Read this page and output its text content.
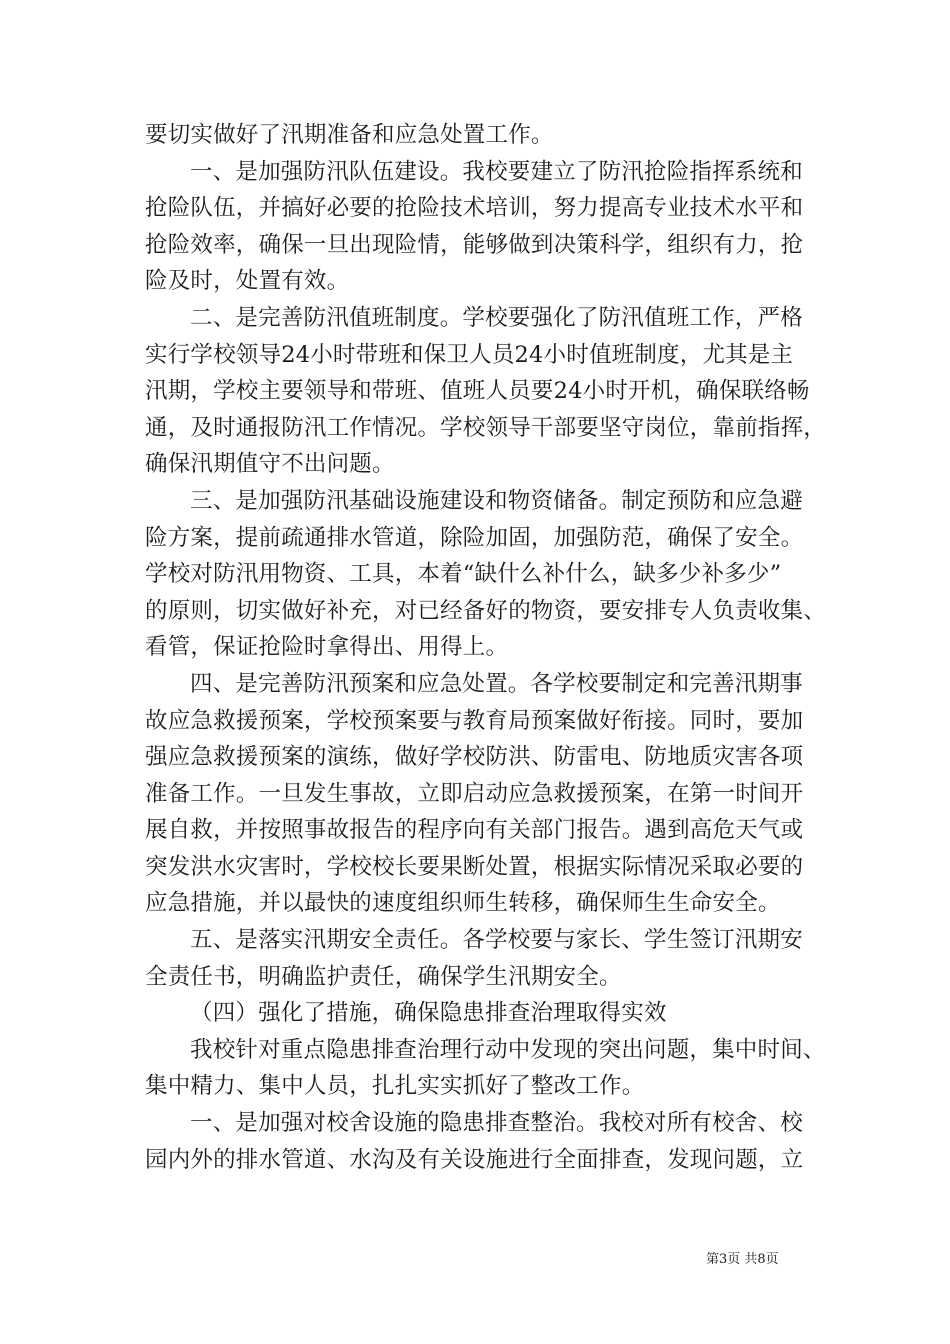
要切实做好了汛期准备和应急处置工作。
一、是加强防汛队伍建设。我校要建立了防汛抢险指挥系统和
抢险队伍，并搞好必要的抢险技术培训，努力提高专业技术水平和
抢险效率，确保一旦出现险情，能够做到决策科学，组织有力，抢
险及时，处置有效。
二、是完善防汛值班制度。学校要强化了防汛值班工作，严格
实行学校领导24小时带班和保卫人员24小时值班制度，尤其是主
汛期，学校主要领导和带班、值班人员要24小时开机，确保联络畅
通，及时通报防汛工作情况。学校领导干部要坚守岗位，靠前指挥，
确保汛期值守不出问题。
三、是加强防汛基础设施建设和物资储备。制定预防和应急避
险方案，提前疏通排水管道，除险加固，加强防范，确保了安全。
学校对防汛用物资、工具，本着“缺什么补什么，缺多少补多少”
的原则，切实做好补充，对已经备好的物资，要安排专人负责收集、
看管，保证抢险时拿得出、用得上。
四、是完善防汛预案和应急处置。各学校要制定和完善汛期事
故应急救援预案，学校预案要与教育局预案做好衔接。同时，要加
强应急救援预案的演练，做好学校防洪、防雷电、防地质灾害各项
准备工作。一旦发生事故，立即启动应急救援预案，在第一时间开
展自救，并按照事故报告的程序向有关部门报告。遇到高危天气或
突发洪水灾害时，学校校长要果断处置，根据实际情况采取必要的
应急措施，并以最快的速度组织师生转移，确保师生生命安全。
五、是落实汛期安全责任。各学校要与家长、学生签订汛期安
全责任书，明确监护责任，确保学生汛期安全。
（四）强化了措施，确保隐患排查治理取得实效
我校针对重点隐患排查治理行动中发现的突出问题，集中时间、
集中精力、集中人员，扎扎实实抓好了整改工作。
一、是加强对校舍设施的隐患排查整治。我校对所有校舍、校
园内外的排水管道、水沟及有关设施进行全面排查，发现问题，立
第3页 共8页
